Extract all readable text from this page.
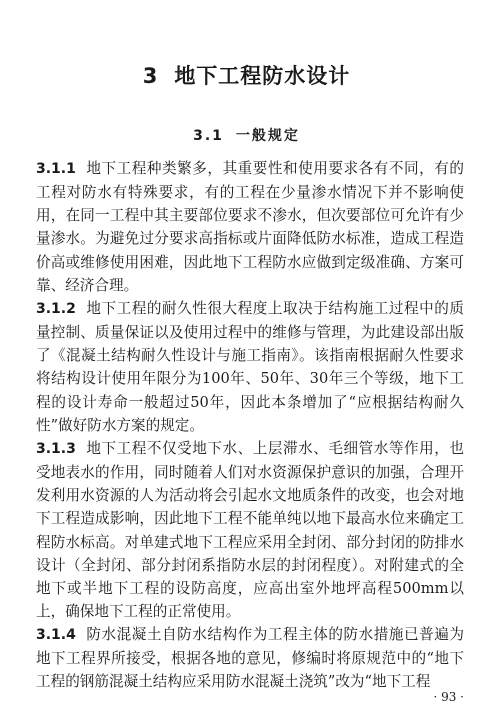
3 地下工程防水设计
3.1 一般规定

3.1.1 地下工程种类繁多，其重要性和使用要求各有不同，有的工程对防水有特殊要求，有的工程在少量渗水情况下并不影响使用，在同一工程中其主要部位要求不渗水，但次要部位可允许有少量渗水。为避免过分要求高指标或片面降低防水标准，造成工程造价高或维修使用困难，因此地下工程防水应做到定级准确、方案可靠、经济合理。

3.1.2 地下工程的耐久性很大程度上取决于结构施工过程中的质量控制、质量保证以及使用过程中的维修与管理，为此建设部出版了《混凝土结构耐久性设计与施工指南》。该指南根据耐久性要求将结构设计使用年限分为100年、50年、30年三个等级，地下工程的设计寿命一般超过50年，因此本条增加了“应根据结构耐久性”做好防水方案的规定。

3.1.3 地下工程不仅受地下水、上层滞水、毛细管水等作用，也受地表水的作用，同时随着人们对水资源保护意识的加强，合理开发利用水资源的人为活动将会引起水文地质条件的改变，也会对地下工程造成影响，因此地下工程不能单纯以地下最高水位来确定工程防水标高。对单建式地下工程应采用全封闭、部分封闭的防排水设计（全封闭、部分封闭系指防水层的封闭程度）。对附建式的全地下或半地下工程的设防高度，应高出室外地坪高程500mm以上，确保地下工程的正常使用。

3.1.4 防水混凝土自防水结构作为工程主体的防水措施已普遍为地下工程界所接受，根据各地的意见，修编时将原规范中的“地下工程的钢筋混凝土结构应采用防水混凝土浇筑”改为“地下工程

· 93 ·
